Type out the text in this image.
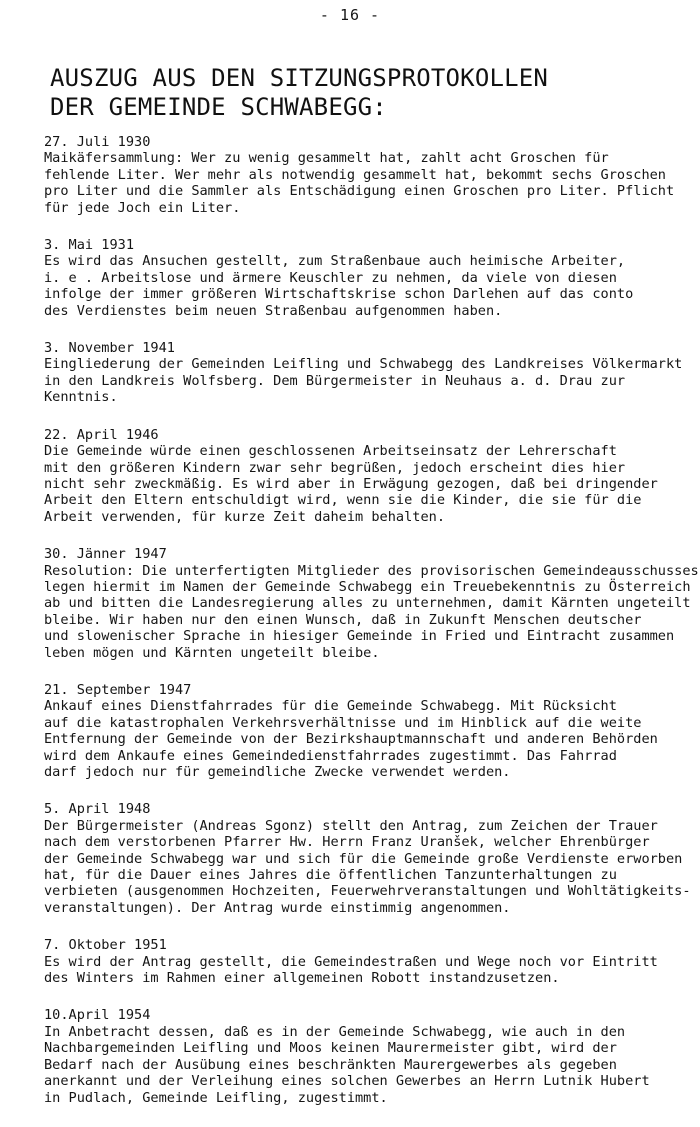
- 16 -
AUSZUG AUS DEN SITZUNGSPROTOKOLLEN
DER GEMEINDE SCHWABEGG:
27. Juli 1930
Maikäfersammlung: Wer zu wenig gesammelt hat, zahlt acht Groschen für
fehlende Liter. Wer mehr als notwendig gesammelt hat, bekommt sechs Groschen
pro Liter und die Sammler als Entschädigung einen Groschen pro Liter. Pflicht
für jede Joch ein Liter.
3. Mai 1931
Es wird das Ansuchen gestellt, zum Straßenbaue auch heimische Arbeiter,
i. e . Arbeitslose und ärmere Keuschler zu nehmen, da viele von diesen
infolge der immer größeren Wirtschaftskrise schon Darlehen auf das conto
des Verdienstes beim neuen Straßenbau aufgenommen haben.
3. November 1941
Eingliederung der Gemeinden Leifling und Schwabegg des Landkreises Völkermarkt
in den Landkreis Wolfsberg. Dem Bürgermeister in Neuhaus a. d. Drau zur
Kenntnis.
22. April 1946
Die Gemeinde würde einen geschlossenen Arbeitseinsatz der Lehrerschaft
mit den größeren Kindern zwar sehr begrüßen, jedoch erscheint dies hier
nicht sehr zweckmäßig. Es wird aber in Erwägung gezogen, daß bei dringender
Arbeit den Eltern entschuldigt wird, wenn sie die Kinder, die sie für die
Arbeit verwenden, für kurze Zeit daheim behalten.
30. Jänner 1947
Resolution: Die unterfertigten Mitglieder des provisorischen Gemeindeausschusses
legen hiermit im Namen der Gemeinde Schwabegg ein Treuebekenntnis zu Österreich
ab und bitten die Landesregierung alles zu unternehmen, damit Kärnten ungeteilt
bleibe. Wir haben nur den einen Wunsch, daß in Zukunft Menschen deutscher
und slowenischer Sprache in hiesiger Gemeinde in Fried und Eintracht zusammen
leben mögen und Kärnten ungeteilt bleibe.
21. September 1947
Ankauf eines Dienstfahrrades für die Gemeinde Schwabegg. Mit Rücksicht
auf die katastrophalen Verkehrsverhältnisse und im Hinblick auf die weite
Entfernung der Gemeinde von der Bezirkshauptmannschaft und anderen Behörden
wird dem Ankaufe eines Gemeindedienstfahrrades zugestimmt. Das Fahrrad
darf jedoch nur für gemeindliche Zwecke verwendet werden.
5. April 1948
Der Bürgermeister (Andreas Sgonz) stellt den Antrag, zum Zeichen der Trauer
nach dem verstorbenen Pfarrer Hw. Herrn Franz Uranšek, welcher Ehrenbürger
der Gemeinde Schwabegg war und sich für die Gemeinde große Verdienste erworben
hat, für die Dauer eines Jahres die öffentlichen Tanzunterhaltungen zu
verbieten (ausgenommen Hochzeiten, Feuerwehrveranstaltungen und Wohltätigkeits-
veranstaltungen). Der Antrag wurde einstimmig angenommen.
7. Oktober 1951
Es wird der Antrag gestellt, die Gemeindestraßen und Wege noch vor Eintritt
des Winters im Rahmen einer allgemeinen Robott instandzusetzen.
10.April 1954
In Anbetracht dessen, daß es in der Gemeinde Schwabegg, wie auch in den
Nachbargemeinden Leifling und Moos keinen Maurermeister gibt, wird der
Bedarf nach der Ausübung eines beschränkten Maurergewerbes als gegeben
anerkannt und der Verleihung eines solchen Gewerbes an Herrn Lutnik Hubert
in Pudlach, Gemeinde Leifling, zugestimmt.
